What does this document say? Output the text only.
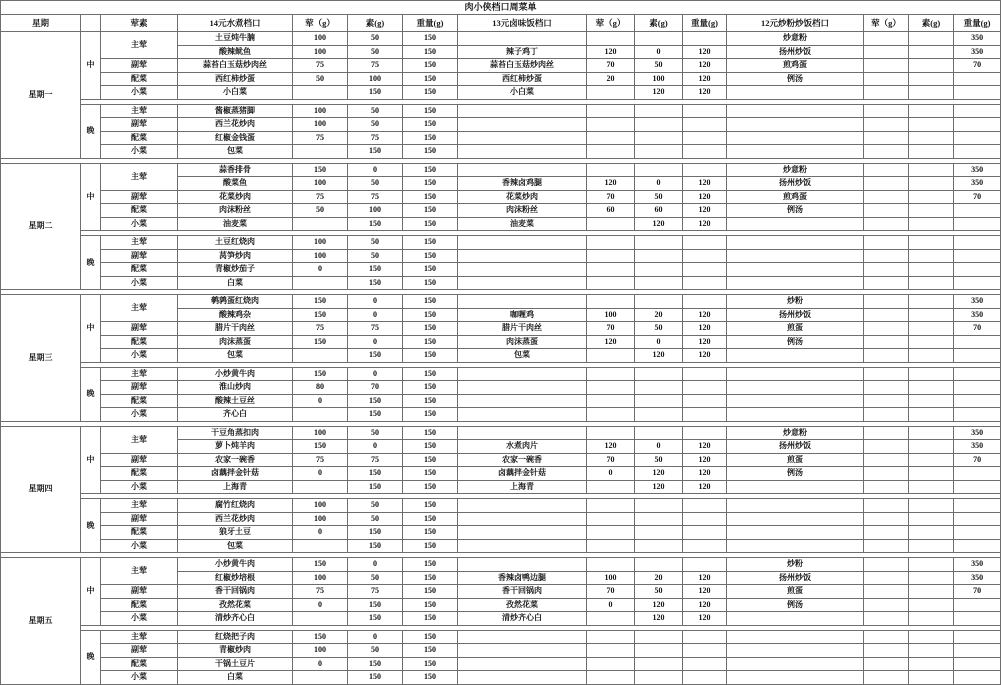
肉小侠档口周菜单														
星期		荤素	14元水煮档口	荤（g）	素(g)	重量(g)	13元卤味饭档口	荤（g）	素(g)	重量(g)	12元炒粉炒饭档口	荤（g）	素(g)	重量(g)
星期一	中	主荤	土豆炖牛腩	100	50	150					炒意粉			350
			酸辣鱿鱼	100	50	150	辣子鸡丁	120	0	120	扬州炒饭			350
		副荤	蒜苔白玉菇炒肉丝	75	75	150	蒜苔白玉菇炒肉丝	70	50	120	煎鸡蛋			70
		配菜	西红柿炒蛋	50	100	150	西红柿炒蛋	20	100	120	例汤			
		小菜	小白菜		150	150	小白菜		120	120				

	晚	主荤	酱椒蒸猪脚	100	50	150								
		副荤	西兰花炒肉	100	50	150								
		配菜	红椒金钱蛋	75	75	150								
		小菜	包菜		150	150								

星期二	中	主荤	蒜香排骨	150	0	150					炒意粉			350
			酸菜鱼	100	50	150	香辣卤鸡腿	120	0	120	扬州炒饭			350
		副荤	花菜炒肉	75	75	150	花菜炒肉	70	50	120	煎鸡蛋			70
		配菜	肉沫粉丝	50	100	150	肉沫粉丝	60	60	120	例汤			
		小菜	油麦菜		150	150	油麦菜		120	120				

	晚	主荤	土豆红烧肉	100	50	150								
		副荤	莴笋炒肉	100	50	150								
		配菜	青椒炒茄子	0	150	150								
		小菜	白菜		150	150								

星期三	中	主荤	鹌鹑蛋红烧肉	150	0	150					炒粉			350
			酸辣鸡杂	150	0	150	咖喱鸡	100	20	120	扬州炒饭			350
		副荤	腊片干肉丝	75	75	150	腊片干肉丝	70	50	120	煎蛋			70
		配菜	肉沫蒸蛋	150	0	150	肉沫蒸蛋	120	0	120	例汤			
		小菜	包菜		150	150	包菜		120	120				

	晚	主荤	小炒黄牛肉	150	0	150								
		副荤	淮山炒肉	80	70	150								
		配菜	酸辣土豆丝	0	150	150								
		小菜	齐心白		150	150								

星期四	中	主荤	干豆角蒸扣肉	100	50	150					炒意粉			350
			萝卜炖羊肉	150	0	150	水煮肉片	120	0	120	扬州炒饭			350
		副荤	农家一碗香	75	75	150	农家一碗香	70	50	120	煎蛋			70
		配菜	卤藕拌金针菇	0	150	150	卤藕拌金针菇	0	120	120	例汤			
		小菜	上海青		150	150	上海青		120	120				

	晚	主荤	腐竹红烧肉	100	50	150								
		副荤	西兰花炒肉	100	50	150								
		配菜	狼牙土豆	0	150	150								
		小菜	包菜		150	150								

星期五	中	主荤	小炒黄牛肉	150	0	150					炒粉			350
			红椒炒培根	100	50	150	香辣卤鸭边腿	100	20	120	扬州炒饭			350
		副荤	香干回锅肉	75	75	150	香干回锅肉	70	50	120	煎蛋			70
		配菜	孜然花菜	0	150	150	孜然花菜	0	120	120	例汤			
		小菜	清炒齐心白		150	150	清炒齐心白		120	120				

	晚	主荤	红烧把子肉	150	0	150								
		副荤	青椒炒肉	100	50	150								
		配菜	干锅土豆片	0	150	150								
		小菜	白菜		150	150								
